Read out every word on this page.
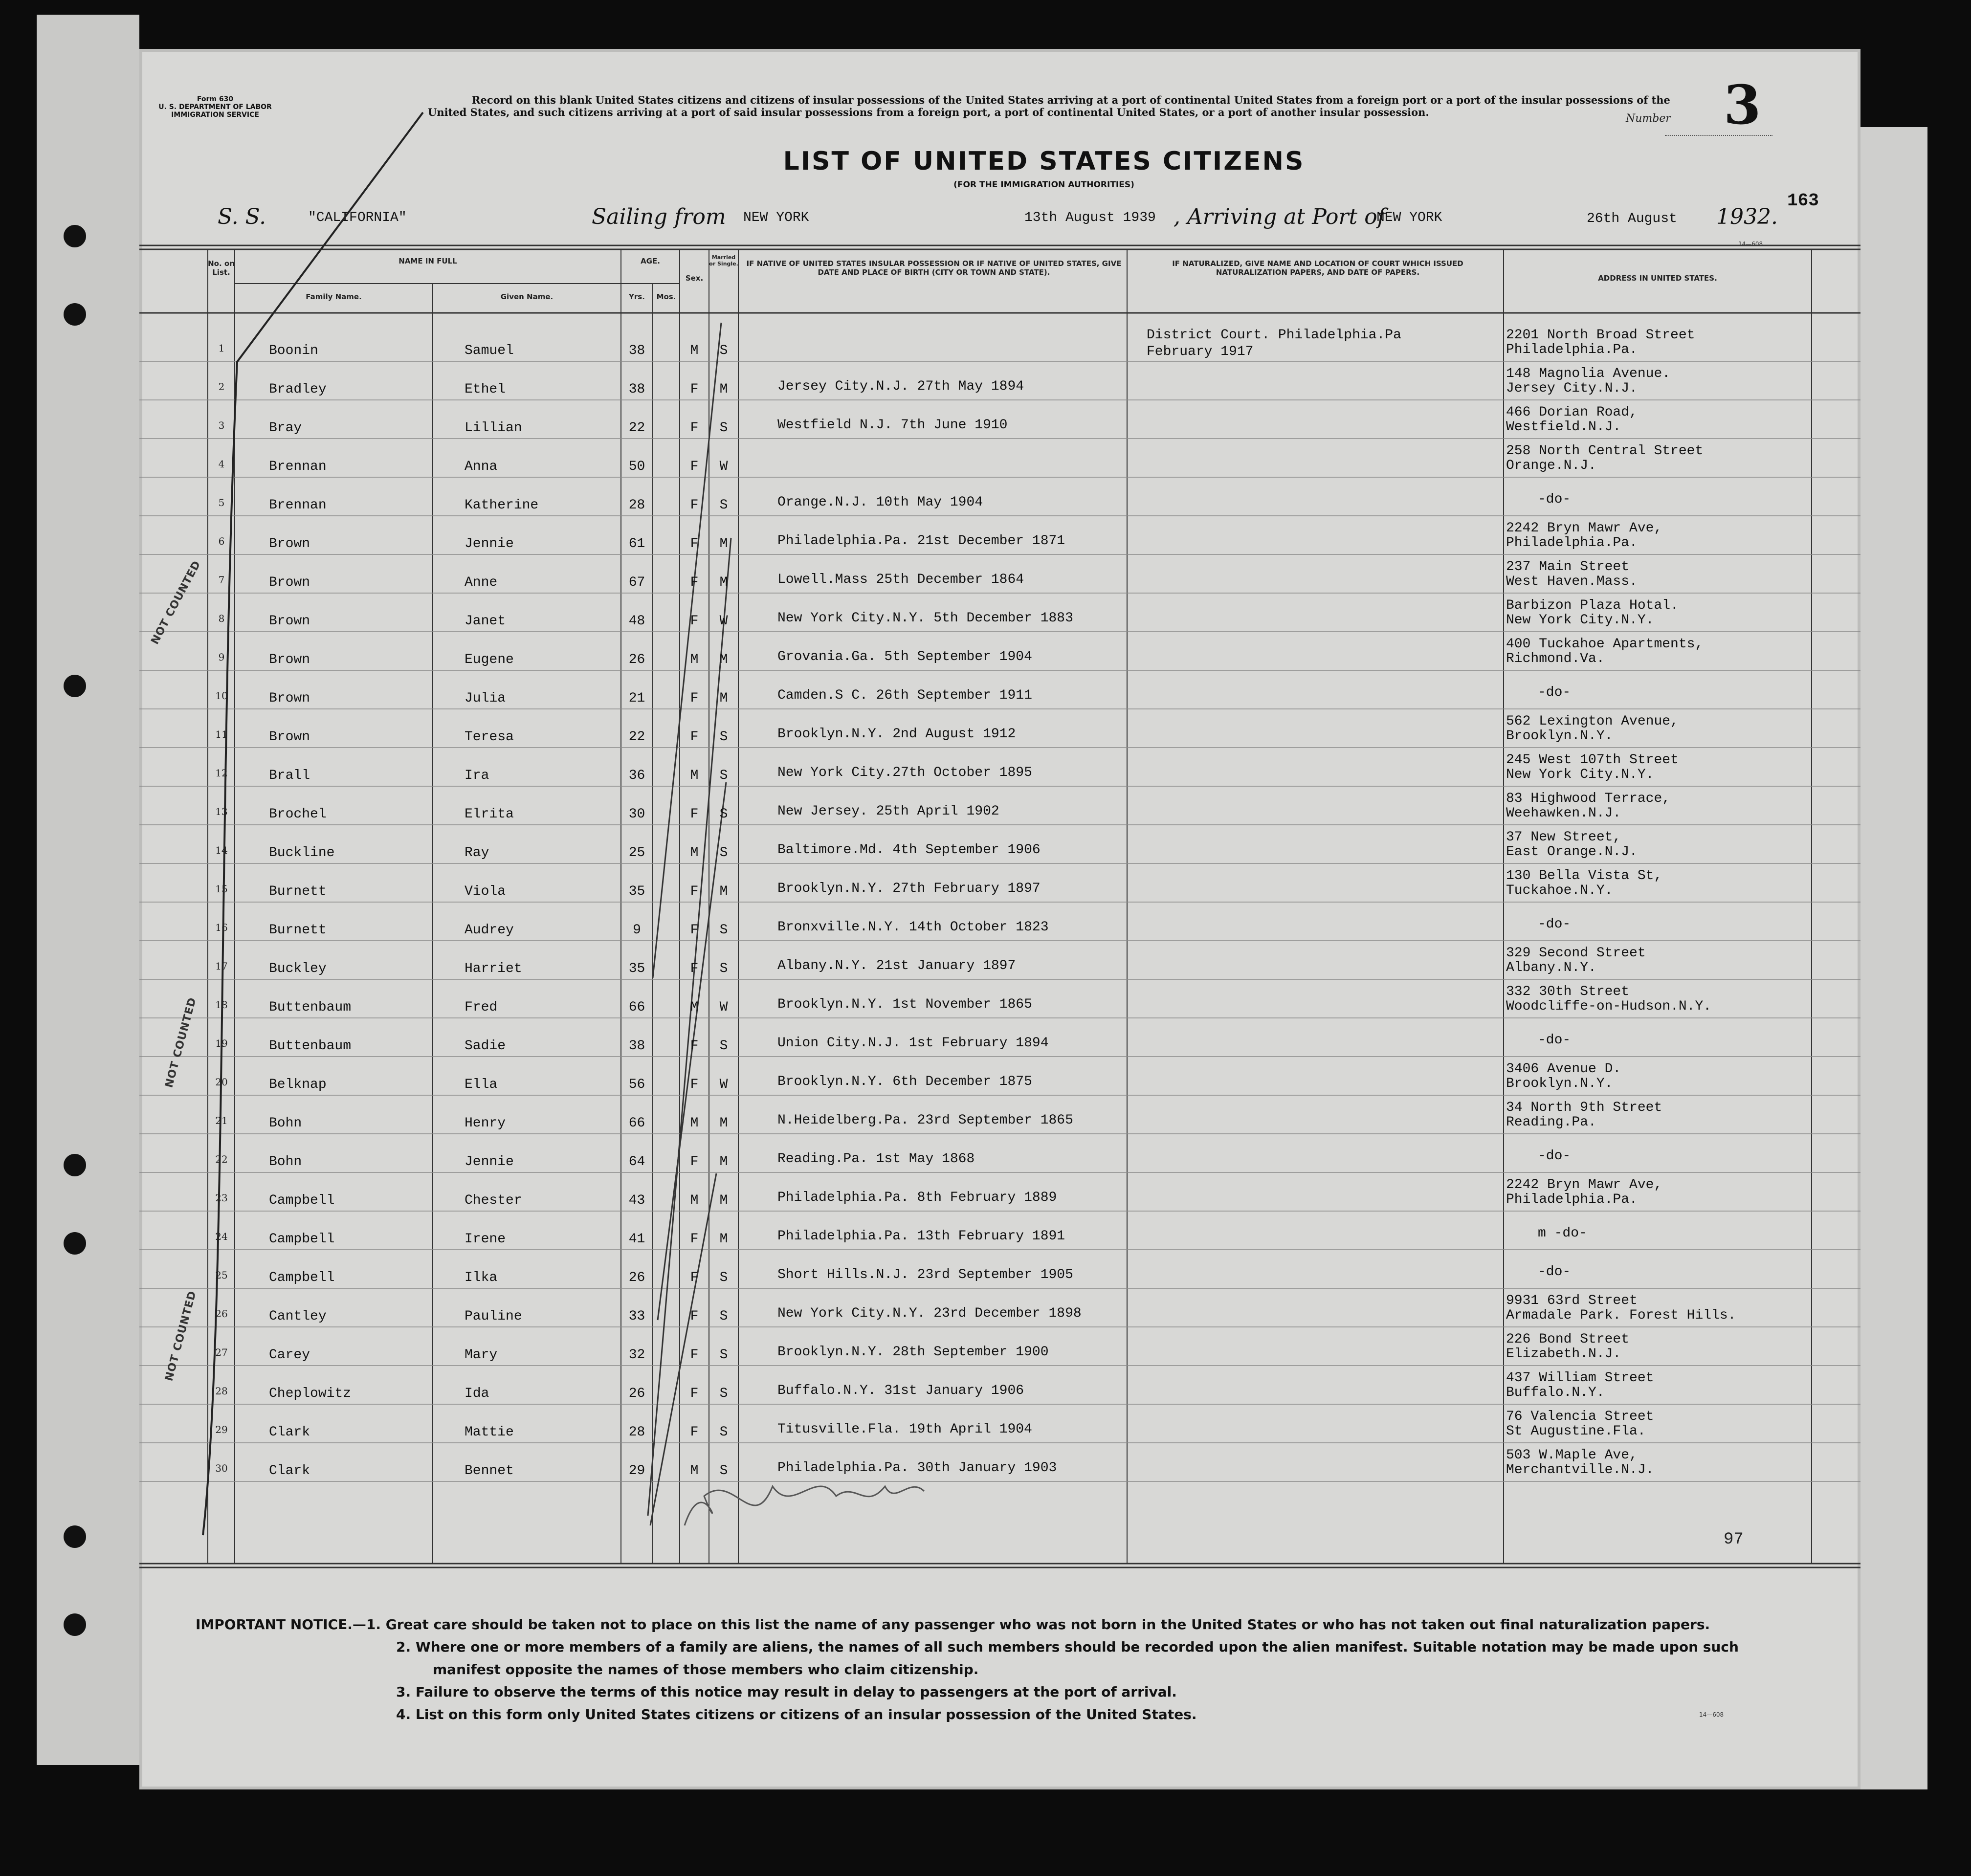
Form 630
U. S. DEPARTMENT OF LABOR
IMMIGRATION SERVICE
Record on this blank United States citizens and citizens of insular possessions of the United States arriving at a port of continental United States from a foreign port or a port of the insular possessions of the United States, and such citizens arriving at a port of said insular possessions from a foreign port, a port of continental United States, or a port of another insular possession.
Number 3
LIST OF UNITED STATES CITIZENS
(FOR THE IMMIGRATION AUTHORITIES)
163
S. S.	"CALIFORNIA"	Sailing from NEW YORK	13th August 1939 , Arriving at Port of
NEW YORK	26th August 1932.
14—608
No. on List.
NAME IN FULL
Family Name.	Given Name.
AGE.
Yrs.	Mos.
Sex.
Married or Single. IF NATIVE OF UNITED STATES INSULAR POSSESSION OR IF NATIVE OF UNITED STATES, GIVE DATE AND PLACE OF BIRTH (CITY OR TOWN AND STATE).
IF NATURALIZED, GIVE NAME AND LOCATION OF COURT WHICH ISSUED NATURALIZATION PAPERS, AND DATE OF PAPERS.
ADDRESS IN UNITED STATES.
1	Boonin	Samuel	38	M	S
District Court. Philadelphia.Pa
February 1917
2201 North Broad Street
Philadelphia.Pa.
2	Bradley	Ethel	38	F	M	Jersey City.N.J. 27th May 1894
148 Magnolia Avenue.
Jersey City.N.J.
3	Bray	Lillian	22	F	S	Westfield N.J. 7th June 1910
466 Dorian Road,
Westfield.N.J.
4	Brennan	Anna	50	F	W
258 North Central Street
Orange.N.J.
5	Brennan	Katherine	28	F	S	Orange.N.J. 10th May 1904	-do-
6	Brown	Jennie	61	F	M	Philadelphia.Pa. 21st December 1871
2242 Bryn Mawr Ave,
Philadelphia.Pa.
7	Brown	Anne	67	F	M	Lowell.Mass 25th December 1864
237 Main Street
West Haven.Mass.
8	Brown	Janet	48	F	W	New York City.N.Y. 5th December 1883
Barbizon Plaza Hotal.
New York City.N.Y.
9	Brown	Eugene	26	M	M	Grovania.Ga. 5th September 1904
400 Tuckahoe Apartments,
Richmond.Va.
10	Brown	Julia	21	F	M	Camden.S C. 26th September 1911	-do-
11	Brown	Teresa	22	F	S	Brooklyn.N.Y. 2nd August 1912
562 Lexington Avenue,
Brooklyn.N.Y.
12	Brall	Ira	36	M	S	New York City.27th October 1895
245 West 107th Street
New York City.N.Y.
13	Brochel	Elrita	30	F	S	New Jersey. 25th April 1902
83 Highwood Terrace,
Weehawken.N.J.
14	Buckline	Ray	25	M	S	Baltimore.Md. 4th September 1906
37 New Street,
East Orange.N.J.
15	Burnett	Viola	35	F	M	Brooklyn.N.Y. 27th February 1897
130 Bella Vista St,
Tuckahoe.N.Y.
16	Burnett	Audrey	9	F	S	Bronxville.N.Y. 14th October 1823	-do-
17	Buckley	Harriet	35	F	S	Albany.N.Y. 21st January 1897
329 Second Street
Albany.N.Y.
18	Buttenbaum	Fred	66	M	W	Brooklyn.N.Y. 1st November 1865
332 30th Street
Woodcliffe-on-Hudson.N.Y.
19	Buttenbaum	Sadie	38	F	S	Union City.N.J. 1st February 1894	-do-
20	Belknap	Ella	56	F	W	Brooklyn.N.Y. 6th December 1875
3406 Avenue D.
Brooklyn.N.Y.
21	Bohn	Henry	66	M	M	N.Heidelberg.Pa. 23rd September 1865
34 North 9th Street
Reading.Pa.
22	Bohn	Jennie	64	F	M	Reading.Pa. 1st May 1868	-do-
23	Campbell	Chester	43	M	M	Philadelphia.Pa. 8th February 1889
2242 Bryn Mawr Ave,
Philadelphia.Pa.
24	Campbell	Irene	41	F	M	Philadelphia.Pa. 13th February 1891	m -do-
25	Campbell	Ilka	26	F	S	Short Hills.N.J. 23rd September 1905	-do-
26	Cantley	Pauline	33	F	S	New York City.N.Y. 23rd December 1898
9931 63rd Street
Armadale Park. Forest Hills.
27	Carey	Mary	32	F	S	Brooklyn.N.Y. 28th September 1900
226 Bond Street
Elizabeth.N.J.
28	Cheplowitz	Ida	26	F	S	Buffalo.N.Y. 31st January 1906
437 William Street
Buffalo.N.Y.
29	Clark	Mattie	28	F	S	Titusville.Fla. 19th April 1904
76 Valencia Street
St Augustine.Fla.
30	Clark	Bennet	29	M	S	Philadelphia.Pa. 30th January 1903
503 W.Maple Ave,
Merchantville.N.J.
NOT COUNTED
NOT COUNTED
NOT COUNTED
97
IMPORTANT NOTICE.—1. Great care should be taken not to place on this list the name of any passenger who was not born in the United States or who has not taken out final naturalization papers.
2. Where one or more members of a family are aliens, the names of all such members should be recorded upon the alien manifest. Suitable notation may be made upon such
manifest opposite the names of those members who claim citizenship.
3. Failure to observe the terms of this notice may result in delay to passengers at the port of arrival.
4. List on this form only United States citizens or citizens of an insular possession of the United States.	14—608
